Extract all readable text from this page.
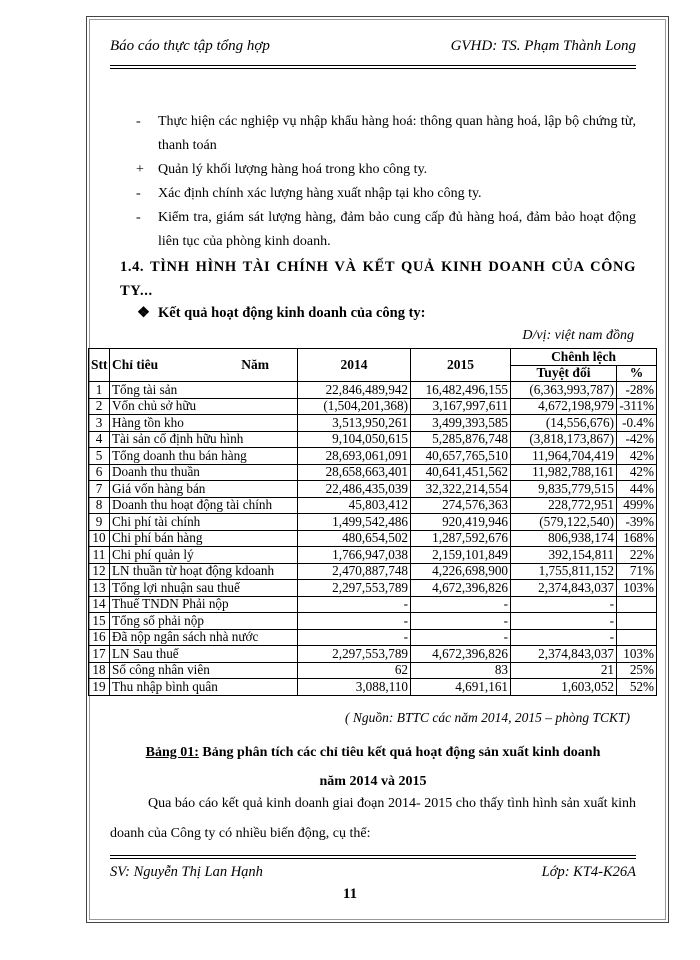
Báo cáo thực tập tổng hợp	GVHD: TS. Phạm Thành Long
-	Thực hiện các nghiệp vụ nhập khẩu hàng hoá: thông quan hàng hoá, lập bộ chứng từ, thanh toán
+	Quản lý khối lượng hàng hoá trong kho công ty.
-	Xác định chính xác lượng hàng xuất nhập tại kho công ty.
-	Kiểm tra, giám sát lượng hàng, đảm bảo cung cấp đủ hàng hoá, đảm bảo hoạt động liên tục của phòng kinh doanh.
1.4. TÌNH HÌNH TÀI CHÍNH VÀ KẾT QUẢ KINH DOANH CỦA CÔNG TY...
❖ Kết quả hoạt động kinh doanh của công ty:
D/vị: việt nam đồng
Stt	Chỉ tiêu Năm	2014	2015	Chênh lệch	
				Tuyệt đối	%
1	Tổng tài sản	22,846,489,942	16,482,496,155	(6,363,993,787)	-28%
2	Vốn chủ sở hữu	(1,504,201,368)	3,167,997,611	4,672,198,979	-311%
3	Hàng tồn kho	3,513,950,261	3,499,393,585	(14,556,676)	-0.4%
4	Tài sản cố định hữu hình	9,104,050,615	5,285,876,748	(3,818,173,867)	-42%
5	Tổng doanh thu bán hàng	28,693,061,091	40,657,765,510	11,964,704,419	42%
6	Doanh thu thuần	28,658,663,401	40,641,451,562	11,982,788,161	42%
7	Giá vốn hàng bán	22,486,435,039	32,322,214,554	9,835,779,515	44%
8	Doanh thu hoạt động tài chính	45,803,412	274,576,363	228,772,951	499%
9	Chi phí tài chính	1,499,542,486	920,419,946	(579,122,540)	-39%
10	Chi phí bán hàng	480,654,502	1,287,592,676	806,938,174	168%
11	Chi phí quản lý	1,766,947,038	2,159,101,849	392,154,811	22%
12	LN thuần từ hoạt động kdoanh	2,470,887,748	4,226,698,900	1,755,811,152	71%
13	Tổng lợi nhuận sau thuế	2,297,553,789	4,672,396,826	2,374,843,037	103%
14	Thuế TNDN Phải nộp	-	-	-	
15	Tổng số phải nộp	-	-	-	
16	Đã nộp ngân sách nhà nước	-	-	-	
17	LN Sau thuế	2,297,553,789	4,672,396,826	2,374,843,037	103%
18	Số công nhân viên	62	83	21	25%
19	Thu nhập bình quân	3,088,110	4,691,161	1,603,052	52%
( Nguồn: BTTC các năm 2014, 2015 – phòng TCKT)
Bảng 01: Bảng phân tích các chỉ tiêu kết quả hoạt động sản xuất kinh doanh
năm 2014 và 2015
Qua báo cáo kết quả kinh doanh giai đoạn 2014- 2015 cho thấy tình hình sản xuất kinh doanh của Công ty có nhiều biến động, cụ thể:
SV: Nguyễn Thị Lan Hạnh	Lớp: KT4-K26A
11
